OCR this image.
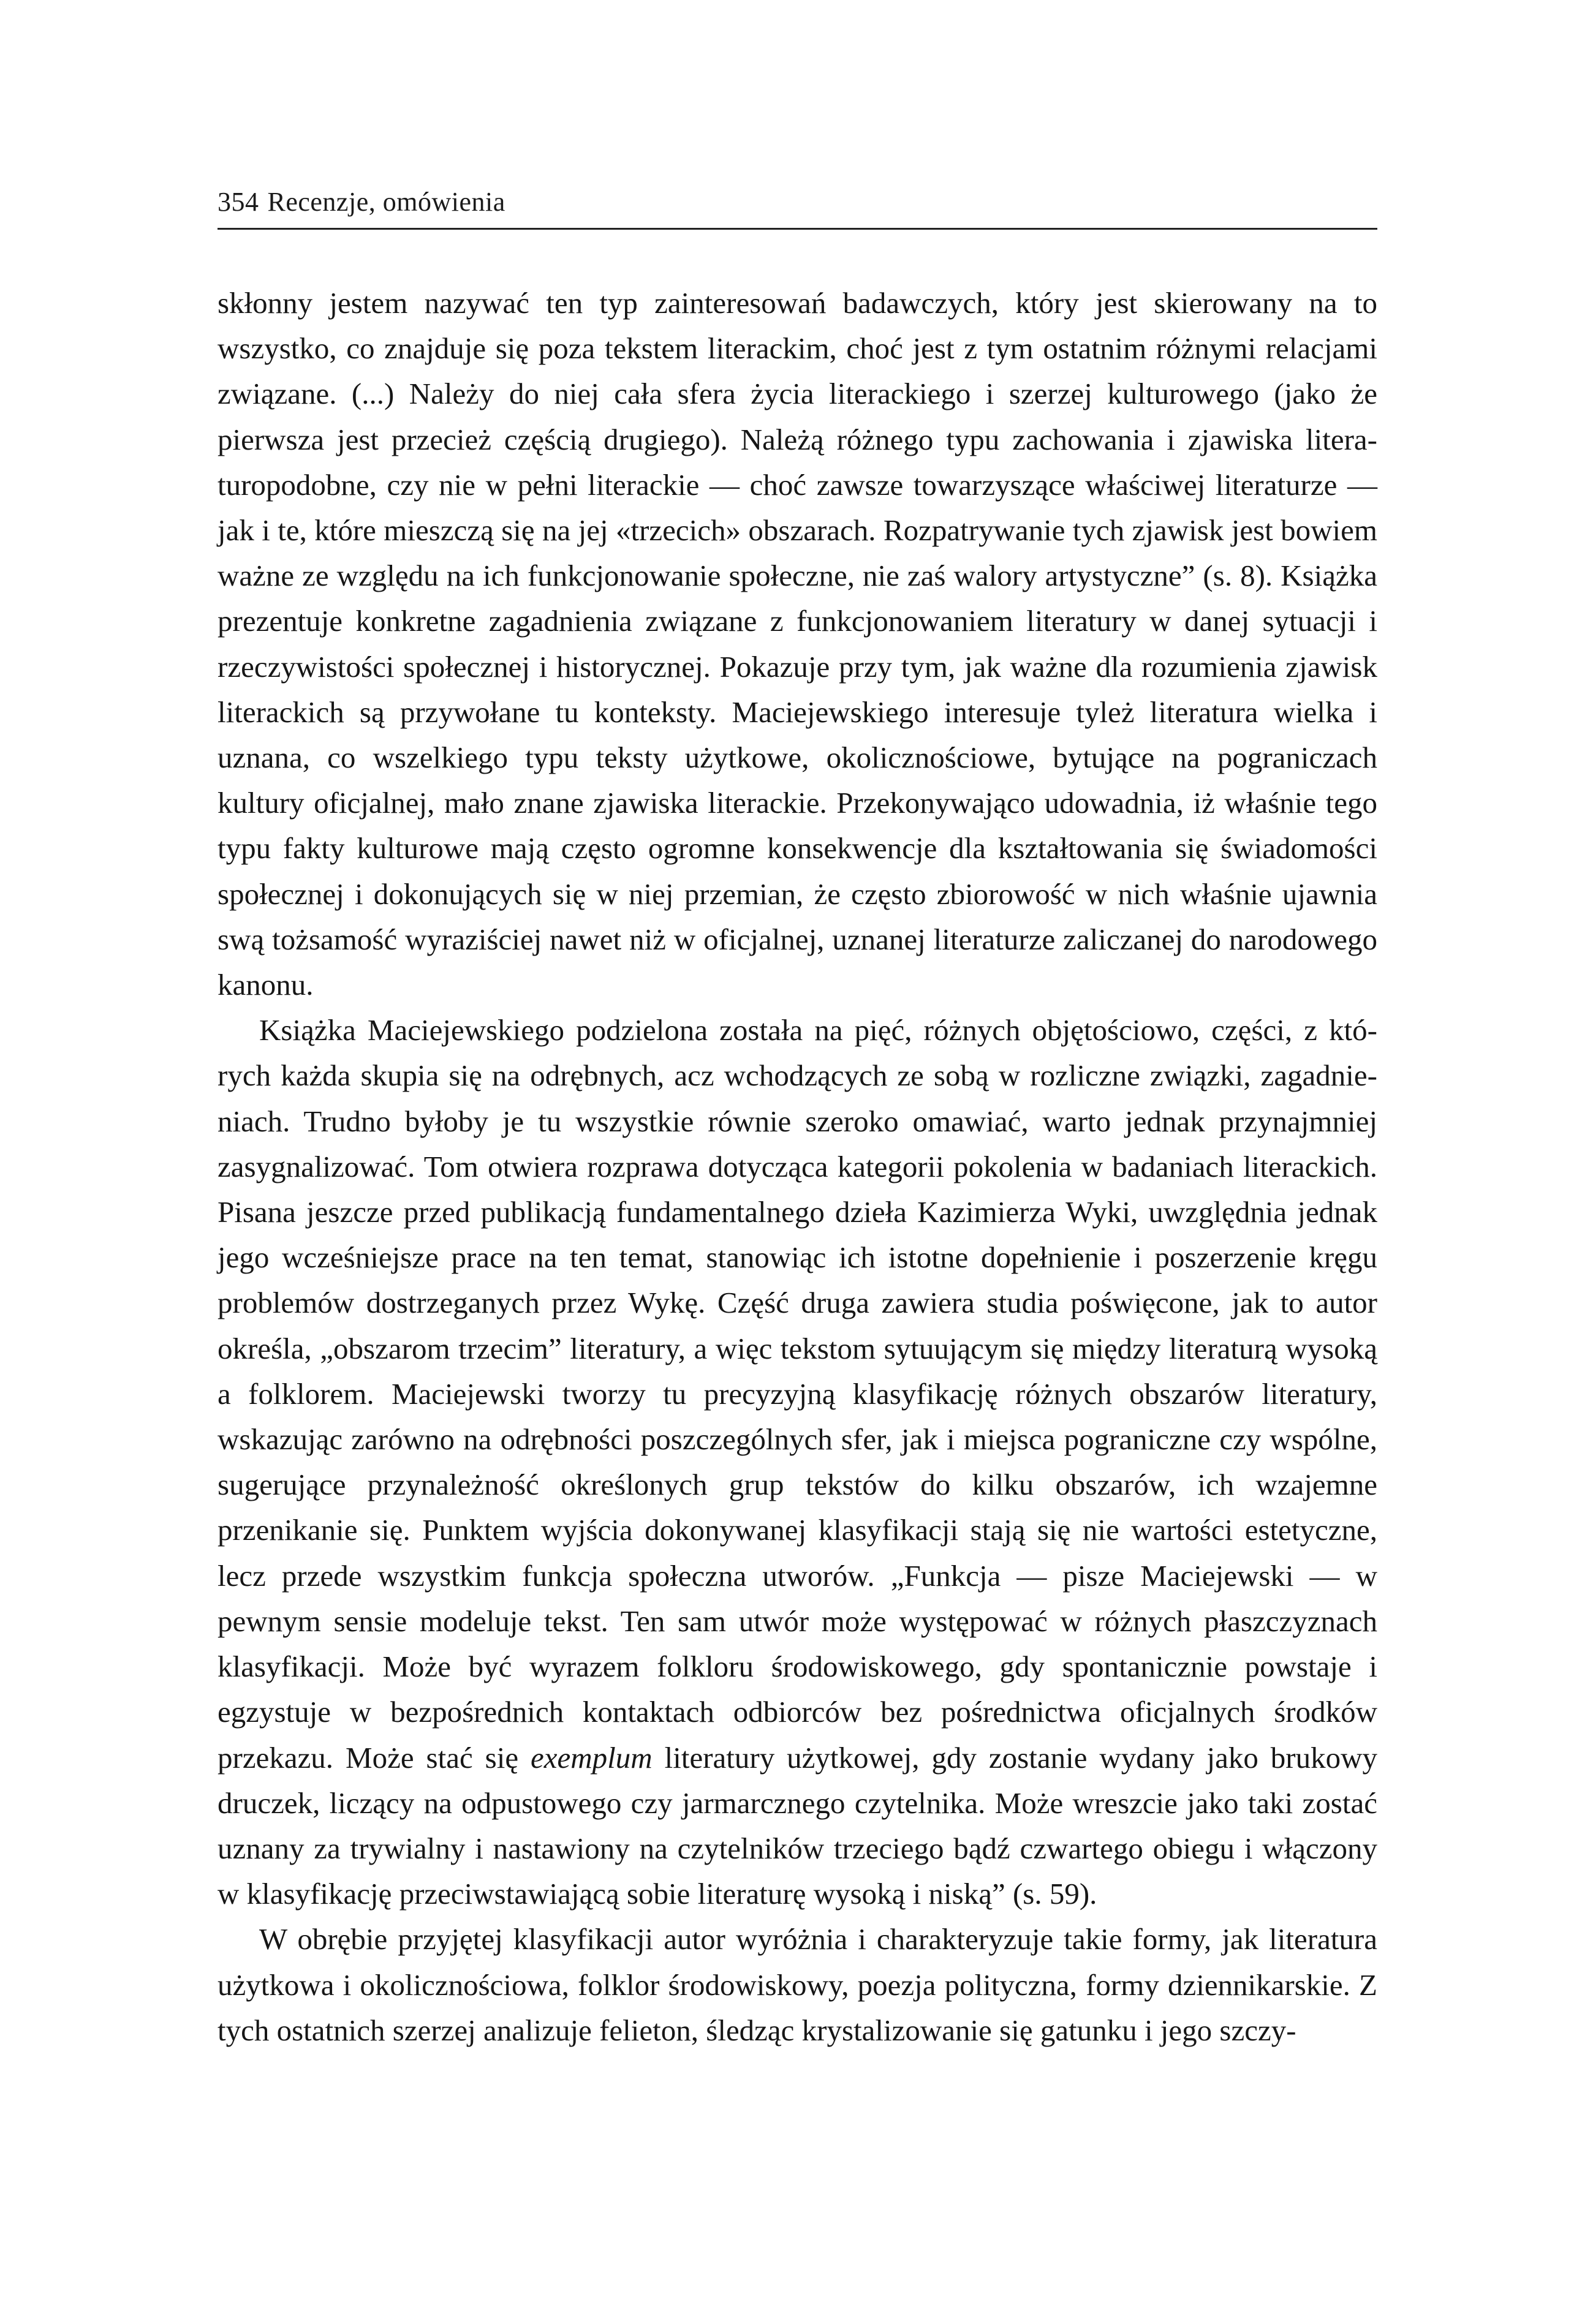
354 Recenzje, omówienia

skłonny jestem nazywać ten typ zainteresowań badawczych, który jest skierowany na to wszystko, co znajduje się poza tekstem literackim, choć jest z tym ostatnim różnymi relacjami związane. (...) Należy do niej cała sfera życia literackiego i szerzej kulturowego (jako że pierwsza jest przecież częścią drugiego). Należą różnego typu zachowania i zjawiska literaturopodobne, czy nie w pełni literackie — choć zawsze towarzyszące właściwej literaturze — jak i te, które mieszczą się na jej «trzecich» obszarach. Rozpatrywanie tych zjawisk jest bowiem ważne ze względu na ich funkcjonowanie społeczne, nie zaś walory artystyczne” (s. 8). Książka prezentuje konkretne zagadnienia związane z funkcjonowaniem literatury w danej sytuacji i rzeczywistości społecznej i historycznej. Pokazuje przy tym, jak ważne dla rozumienia zjawisk literackich są przywołane tu konteksty. Maciejewskiego interesuje tyleż literatura wielka i uznana, co wszelkiego typu teksty użytkowe, okolicznościowe, bytujące na pograniczach kultury oficjalnej, mało znane zjawiska literackie. Przekonywająco udowadnia, iż właśnie tego typu fakty kulturowe mają często ogromne konsekwencje dla kształtowania się świadomości społecznej i dokonujących się w niej przemian, że często zbiorowość w nich właśnie ujawnia swą tożsamość wyraziściej nawet niż w oficjalnej, uznanej literaturze zaliczanej do narodowego kanonu.

Książka Maciejewskiego podzielona została na pięć, różnych objętościowo, części, z których każda skupia się na odrębnych, acz wchodzących ze sobą w rozliczne związki, zagadnieniach. Trudno byłoby je tu wszystkie równie szeroko omawiać, warto jednak przynajmniej zasygnalizować. Tom otwiera rozprawa dotycząca kategorii pokolenia w badaniach literackich. Pisana jeszcze przed publikacją fundamentalnego dzieła Kazimierza Wyki, uwzględnia jednak jego wcześniejsze prace na ten temat, stanowiąc ich istotne dopełnienie i poszerzenie kręgu problemów dostrzeganych przez Wykę. Część druga zawiera studia poświęcone, jak to autor określa, „obszarom trzecim” literatury, a więc tekstom sytuującym się między literaturą wysoką a folklorem. Maciejewski tworzy tu precyzyjną klasyfikację różnych obszarów literatury, wskazując zarówno na odrębności poszczególnych sfer, jak i miejsca pograniczne czy wspólne, sugerujące przynależność określonych grup tekstów do kilku obszarów, ich wzajemne przenikanie się. Punktem wyjścia dokonywanej klasyfikacji stają się nie wartości estetyczne, lecz przede wszystkim funkcja społeczna utworów. „Funkcja — pisze Maciejewski — w pewnym sensie modeluje tekst. Ten sam utwór może występować w różnych płaszczyznach klasyfikacji. Może być wyrazem folkloru środowiskowego, gdy spontanicznie powstaje i egzystuje w bezpośrednich kontaktach odbiorców bez pośrednictwa oficjalnych środków przekazu. Może stać się exemplum literatury użytkowej, gdy zostanie wydany jako brukowy druczek, liczący na odpustowego czy jarmarcznego czytelnika. Może wreszcie jako taki zostać uznany za trywialny i nastawiony na czytelników trzeciego bądź czwartego obiegu i włączony w klasyfikację przeciwstawiającą sobie literaturę wysoką i niską” (s. 59).

W obrębie przyjętej klasyfikacji autor wyróżnia i charakteryzuje takie formy, jak literatura użytkowa i okolicznościowa, folklor środowiskowy, poezja polityczna, formy dziennikarskie. Z tych ostatnich szerzej analizuje felieton, śledząc krystalizowanie się gatunku i jego szczy-
